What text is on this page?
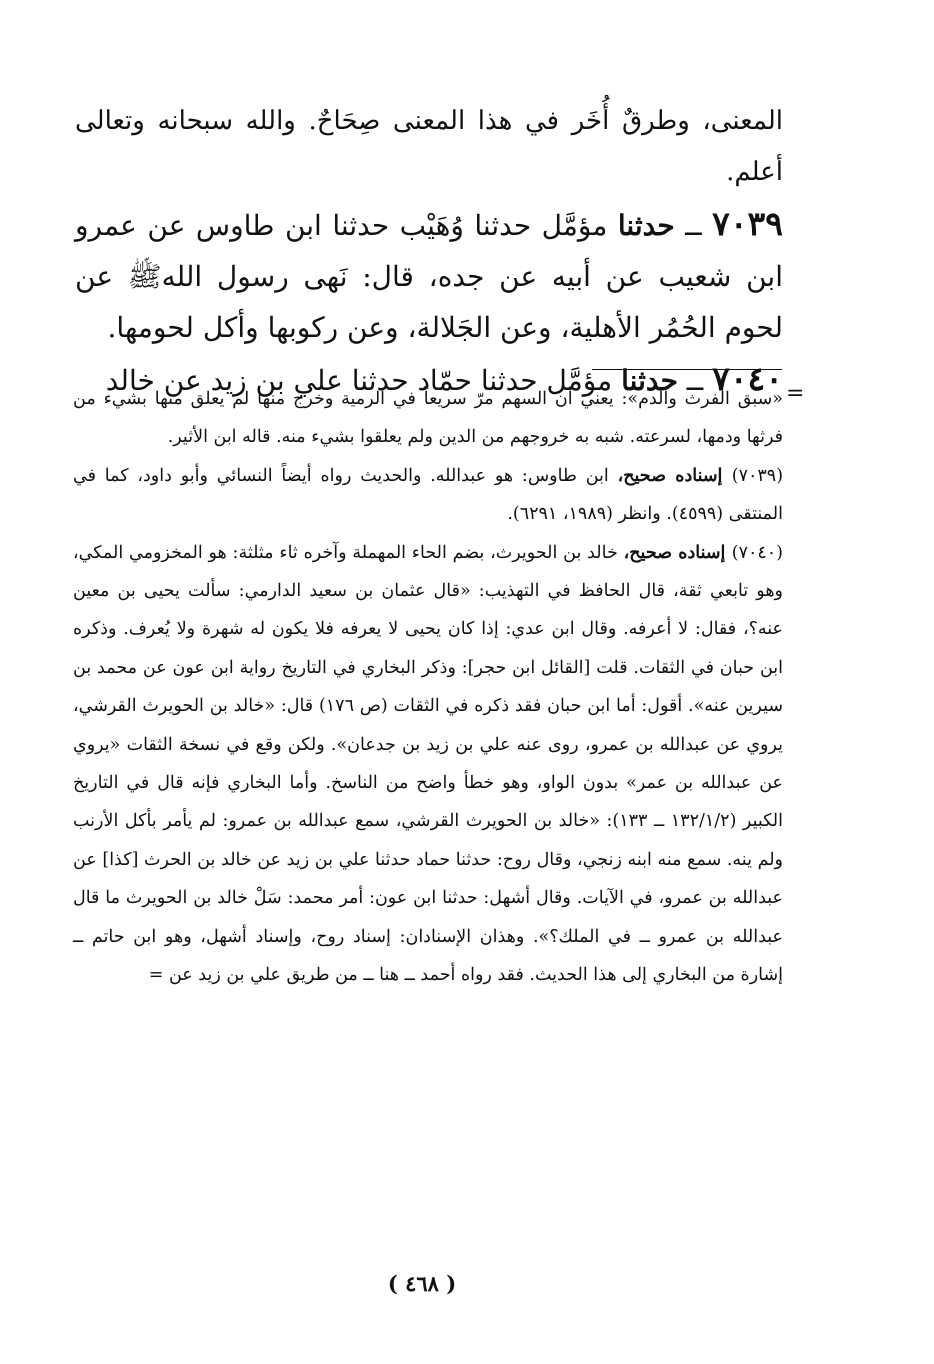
المعنى، وطرقٌ أُخَر في هذا المعنى صِحَاحٌ. والله سبحانه وتعالى أعلم.

٧٠٣٩ ــ حدثنا مؤمَّل حدثنا وُهَيْب حدثنا ابن طاوس عن عمرو ابن شعيب عن أبيه عن جده، قال: نَهى رسول اللهﷺ عن لحوم الحُمُر الأهلية، وعن الجَلالة، وعن ركوبها وأكل لحومها.

٧٠٤٠ ــ حدثنا مؤمَّل حدثنا حمّاد حدثنا علي بن زيد عن خالد	=

«سبق الفرث والدم»: يعني أن السهم مرّ سريعاً في الرمية وخرج منها لم يعلق منها بشيء من فرثها ودمها، لسرعته. شبه به خروجهم من الدين ولم يعلقوا بشيء منه. قاله ابن الأثير.

(٧٠٣٩) إسناده صحيح، ابن طاوس: هو عبدالله. والحديث رواه أيضاً النسائي وأبو داود، كما في المنتقى (٤٥٩٩). وانظر (١٩٨٩، ٦٢٩١).

(٧٠٤٠) إسناده صحيح، خالد بن الحويرث، بضم الحاء المهملة وآخره ثاء مثلثة: هو المخزومي المكي، وهو تابعي ثقة، قال الحافظ في التهذيب: «قال عثمان بن سعيد الدارمي: سألت يحيى بن معين عنه؟، فقال: لا أعرفه. وقال ابن عدي: إذا كان يحيى لا يعرفه فلا يكون له شهرة ولا يُعرف. وذكره ابن حبان في الثقات. قلت [القائل ابن حجر]: وذكر البخاري في التاريخ رواية ابن عون عن محمد بن سيرين عنه». أقول: أما ابن حبان فقد ذكره في الثقات (ص ١٧٦) قال: «خالد بن الحويرث القرشي، يروي عن عبدالله بن عمرو، روى عنه علي بن زيد بن جدعان». ولكن وقع في نسخة الثقات «يروي عن عبدالله بن عمر» بدون الواو، وهو خطأ واضح من الناسخ. وأما البخاري فإنه قال في التاريخ الكبير (١٣٢/١/٢ ــ ١٣٣): «خالد بن الحويرث القرشي، سمع عبدالله بن عمرو: لم يأمر بأكل الأرنب ولم ينه. سمع منه ابنه زنجي، وقال روح: حدثنا حماد حدثنا علي بن زيد عن خالد بن الحرث [كذا] عن عبدالله بن عمرو، في الآيات. وقال أشهل: حدثنا ابن عون: أمر محمد: سَلْ خالد بن الحويرث ما قال عبدالله بن عمرو ــ في الملك؟». وهذان الإسنادان: إسناد روح، وإسناد أشهل، وهو ابن حاتم ــ إشارة من البخاري إلى هذا الحديث. فقد رواه أحمد ــ هنا ــ من طريق علي بن زيد عن =

( ٤٦٨ )
